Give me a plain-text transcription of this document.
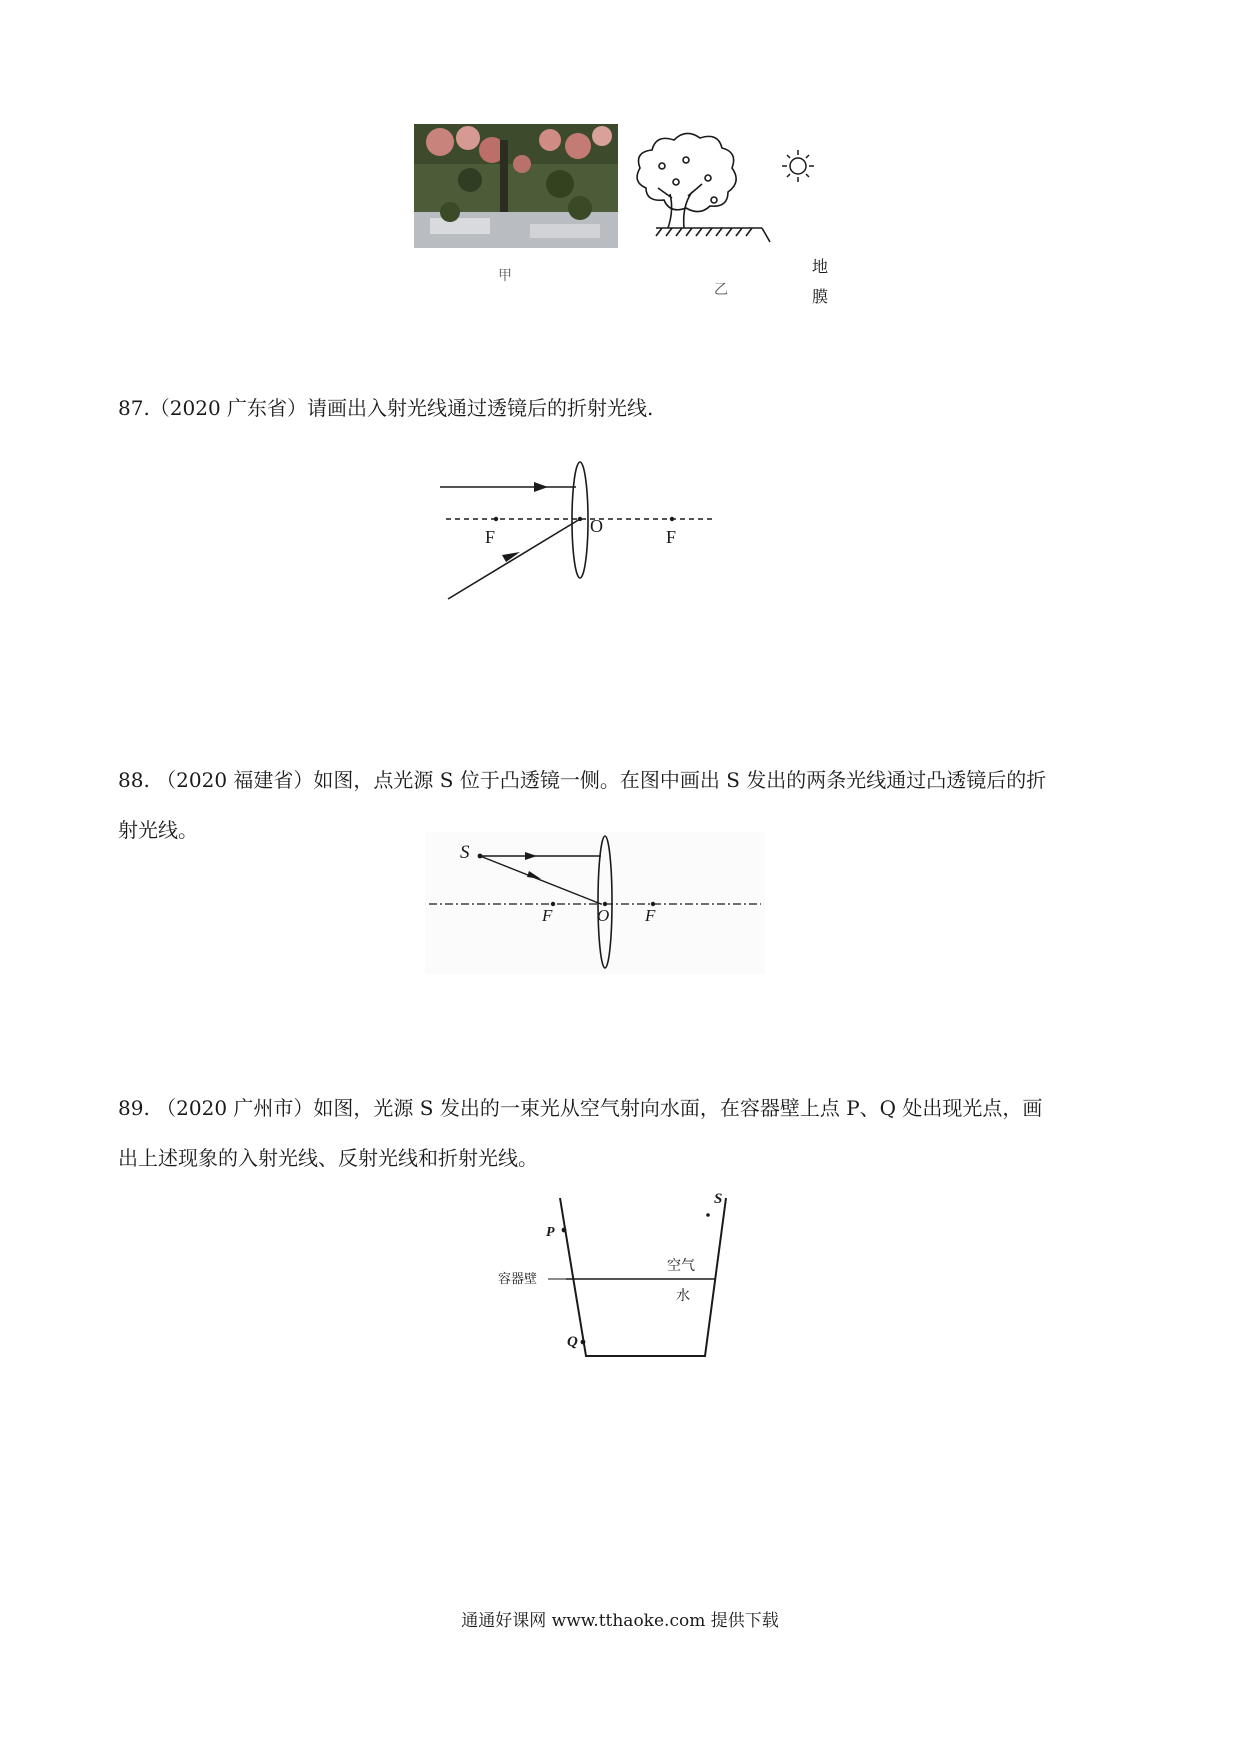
甲
乙
地
膜
87.（2020 广东省）请画出入射光线通过透镜后的折射光线.
F
O
F
88. （2020 福建省）如图，点光源 S 位于凸透镜一侧。在图中画出 S 发出的两条光线通过凸透镜后的折
射光线。
S
F	O F
89. （2020 广州市）如图，光源 S 发出的一束光从空气射向水面，在容器壁上点 P、Q 处出现光点，画
出上述现象的入射光线、反射光线和折射光线。
S
P
Q
容器壁
空气
水
通通好课网 www.tthaoke.com 提供下载
